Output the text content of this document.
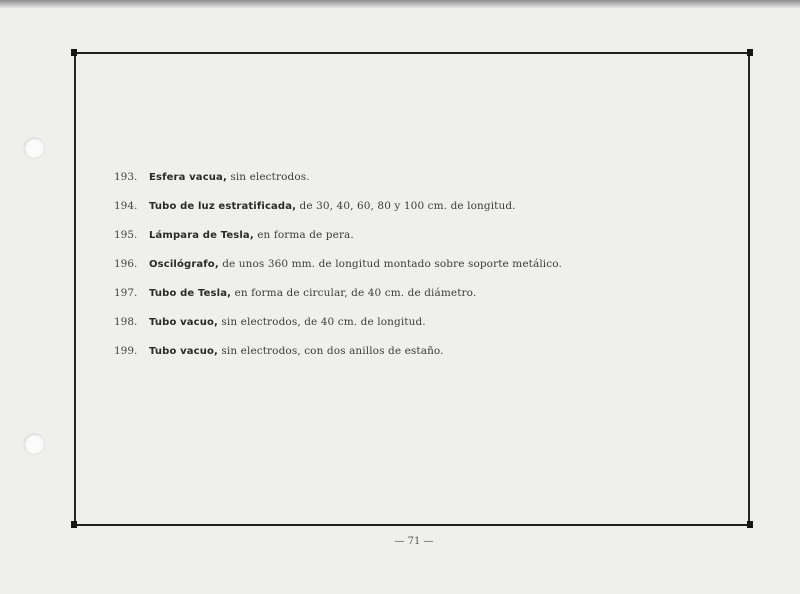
193. Esfera vacua, sin electrodos.
194. Tubo de luz estratificada, de 30, 40, 60, 80 y 100 cm. de longitud.
195. Lámpara de Tesla, en forma de pera.
196. Oscilógrafo, de unos 360 mm. de longitud montado sobre soporte metálico.
197. Tubo de Tesla, en forma de circular, de 40 cm. de diámetro.
198. Tubo vacuo, sin electrodos, de 40 cm. de longitud.
199. Tubo vacuo, sin electrodos, con dos anillos de estaño.
— 71 —
